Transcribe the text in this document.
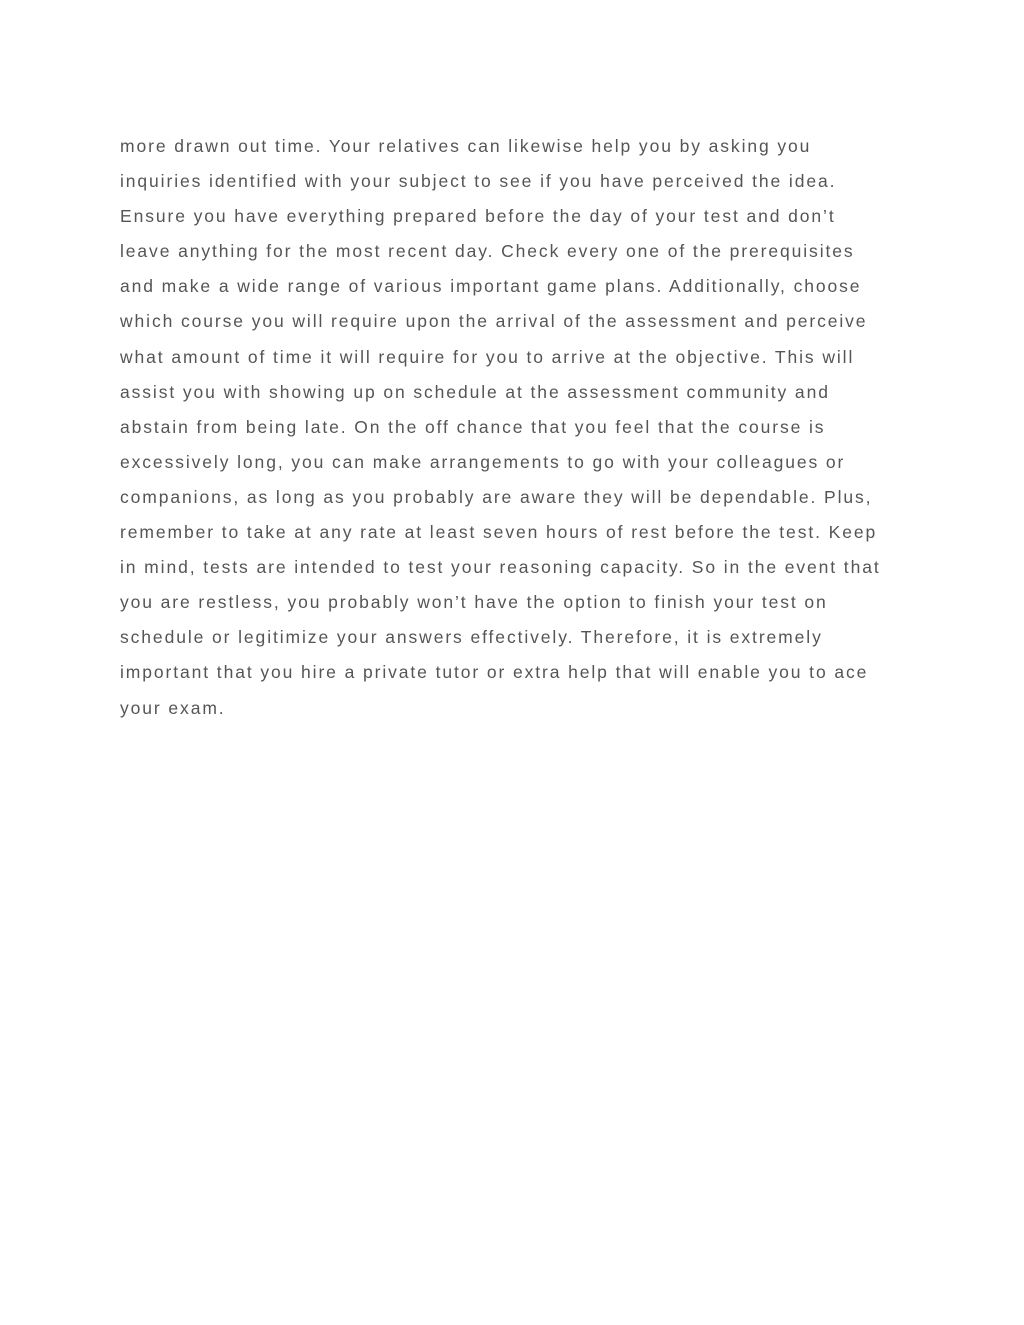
more drawn out time. Your relatives can likewise help you by asking you
inquiries identified with your subject to see if you have perceived the idea.
Ensure you have everything prepared before the day of your test and don’t
leave anything for the most recent day. Check every one of the prerequisites
and make a wide range of various important game plans. Additionally, choose
which course you will require upon the arrival of the assessment and perceive
what amount of time it will require for you to arrive at the objective. This will
assist you with showing up on schedule at the assessment community and
abstain from being late. On the off chance that you feel that the course is
excessively long, you can make arrangements to go with your colleagues or
companions, as long as you probably are aware they will be dependable. Plus,
remember to take at any rate at least seven hours of rest before the test. Keep
in mind, tests are intended to test your reasoning capacity. So in the event that
you are restless, you probably won’t have the option to finish your test on
schedule or legitimize your answers effectively. Therefore, it is extremely
important that you hire a private tutor or extra help that will enable you to ace
your exam.
